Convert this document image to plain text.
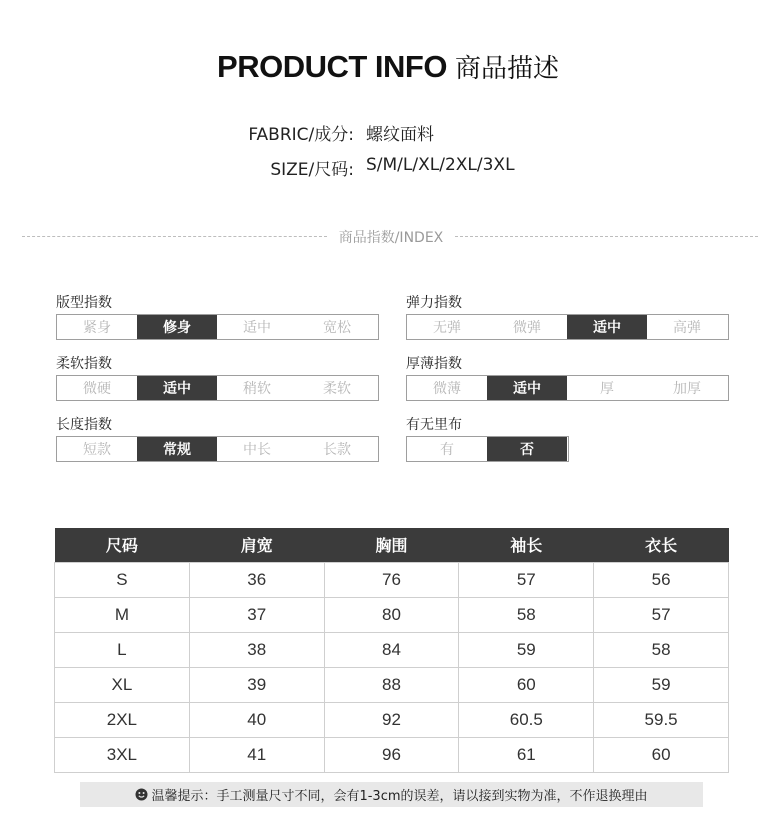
PRODUCT INFO 商品描述
FABRIC/成分: 螺纹面料
SIZE/尺码: S/M/L/XL/2XL/3XL
商品指数/INDEX
版型指数
紧身	修身	适中	宽松
弹力指数
无弹	微弹	适中	高弹
柔软指数
微硬	适中	稍软	柔软
厚薄指数
微薄	适中	厚	加厚
长度指数
短款	常规	中长	长款
有无里布
有	否
尺码	肩宽	胸围	袖长	衣长
S	36	76	57	56
M	37	80	58	57
L	38	84	59	58
XL	39	88	60	59
2XL	40	92	60.5	59.5
3XL	41	96	61	60
温馨提示：手工测量尺寸不同，会有1-3cm的误差，请以接到实物为准，不作退换理由
